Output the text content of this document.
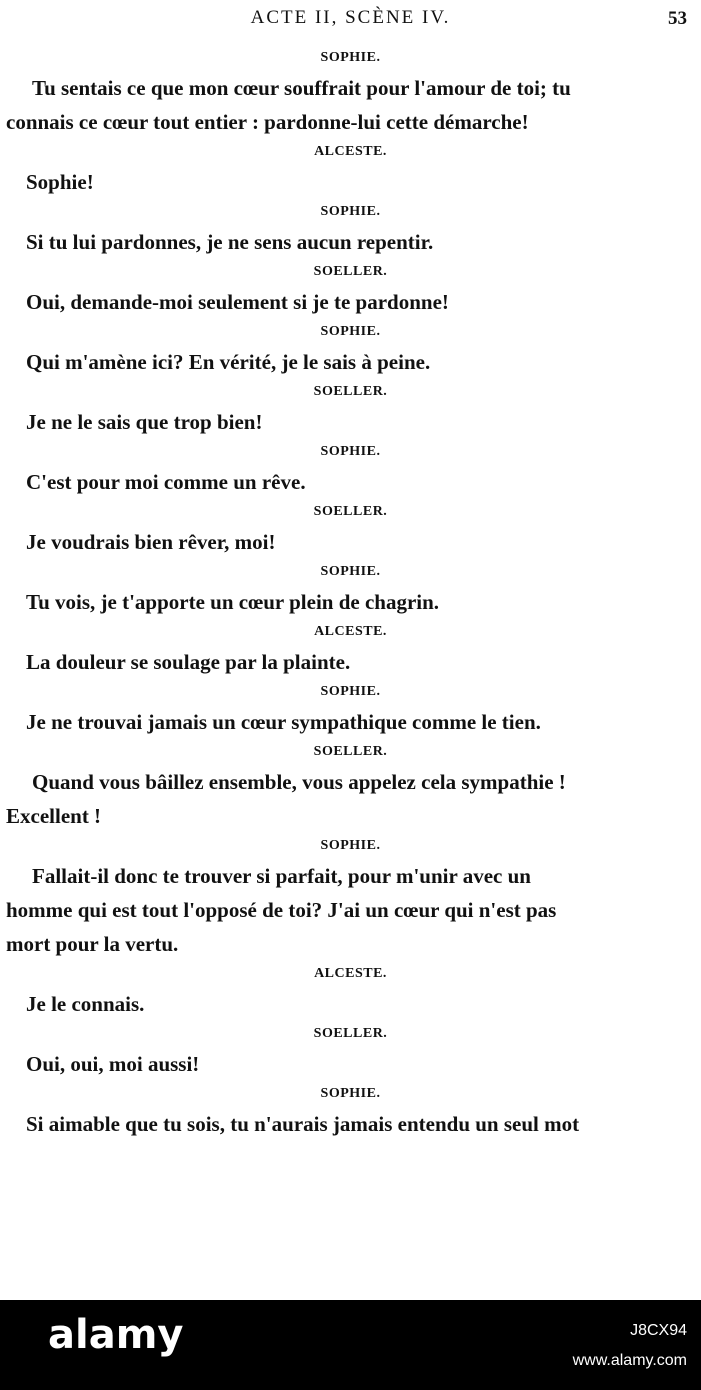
ACTE II, SCÈNE IV.	53
SOPHIE.
Tu sentais ce que mon cœur souffrait pour l'amour de toi; tu
connais ce cœur tout entier : pardonne-lui cette démarche!
ALCESTE.
Sophie!
SOPHIE.
Si tu lui pardonnes, je ne sens aucun repentir.
SOELLER.
Oui, demande-moi seulement si je te pardonne!
SOPHIE.
Qui m'amène ici? En vérité, je le sais à peine.
SOELLER.
Je ne le sais que trop bien!
SOPHIE.
C'est pour moi comme un rêve.
SOELLER.
Je voudrais bien rêver, moi!
SOPHIE.
Tu vois, je t'apporte un cœur plein de chagrin.
ALCESTE.
La douleur se soulage par la plainte.
SOPHIE.
Je ne trouvai jamais un cœur sympathique comme le tien.
SOELLER.
Quand vous bâillez ensemble, vous appelez cela sympathie !
Excellent !
SOPHIE.
Fallait-il donc te trouver si parfait, pour m'unir avec un
homme qui est tout l'opposé de toi? J'ai un cœur qui n'est pas
mort pour la vertu.
ALCESTE.
Je le connais.
SOELLER.
Oui, oui, moi aussi!
SOPHIE.
Si aimable que tu sois, tu n'aurais jamais entendu un seul mot
alamy	J8CX94
www.alamy.com
